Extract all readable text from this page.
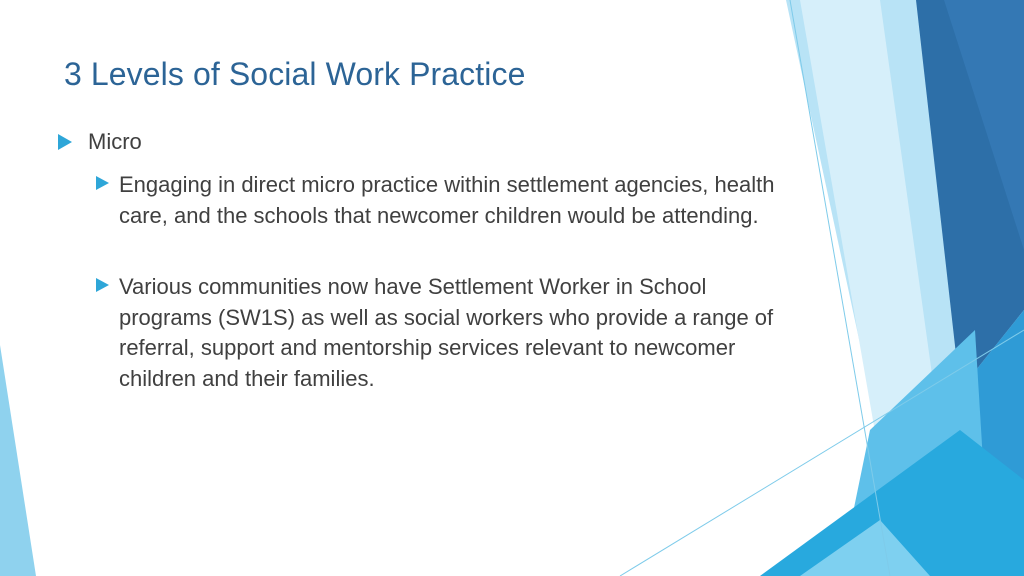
3 Levels of Social Work Practice
Micro
Engaging in direct micro practice within settlement agencies, health care, and the schools that newcomer children would be attending.
Various communities now have Settlement Worker in School programs (SW1S) as well as social workers who provide a range of referral, support and mentorship services relevant to newcomer children and their families.
